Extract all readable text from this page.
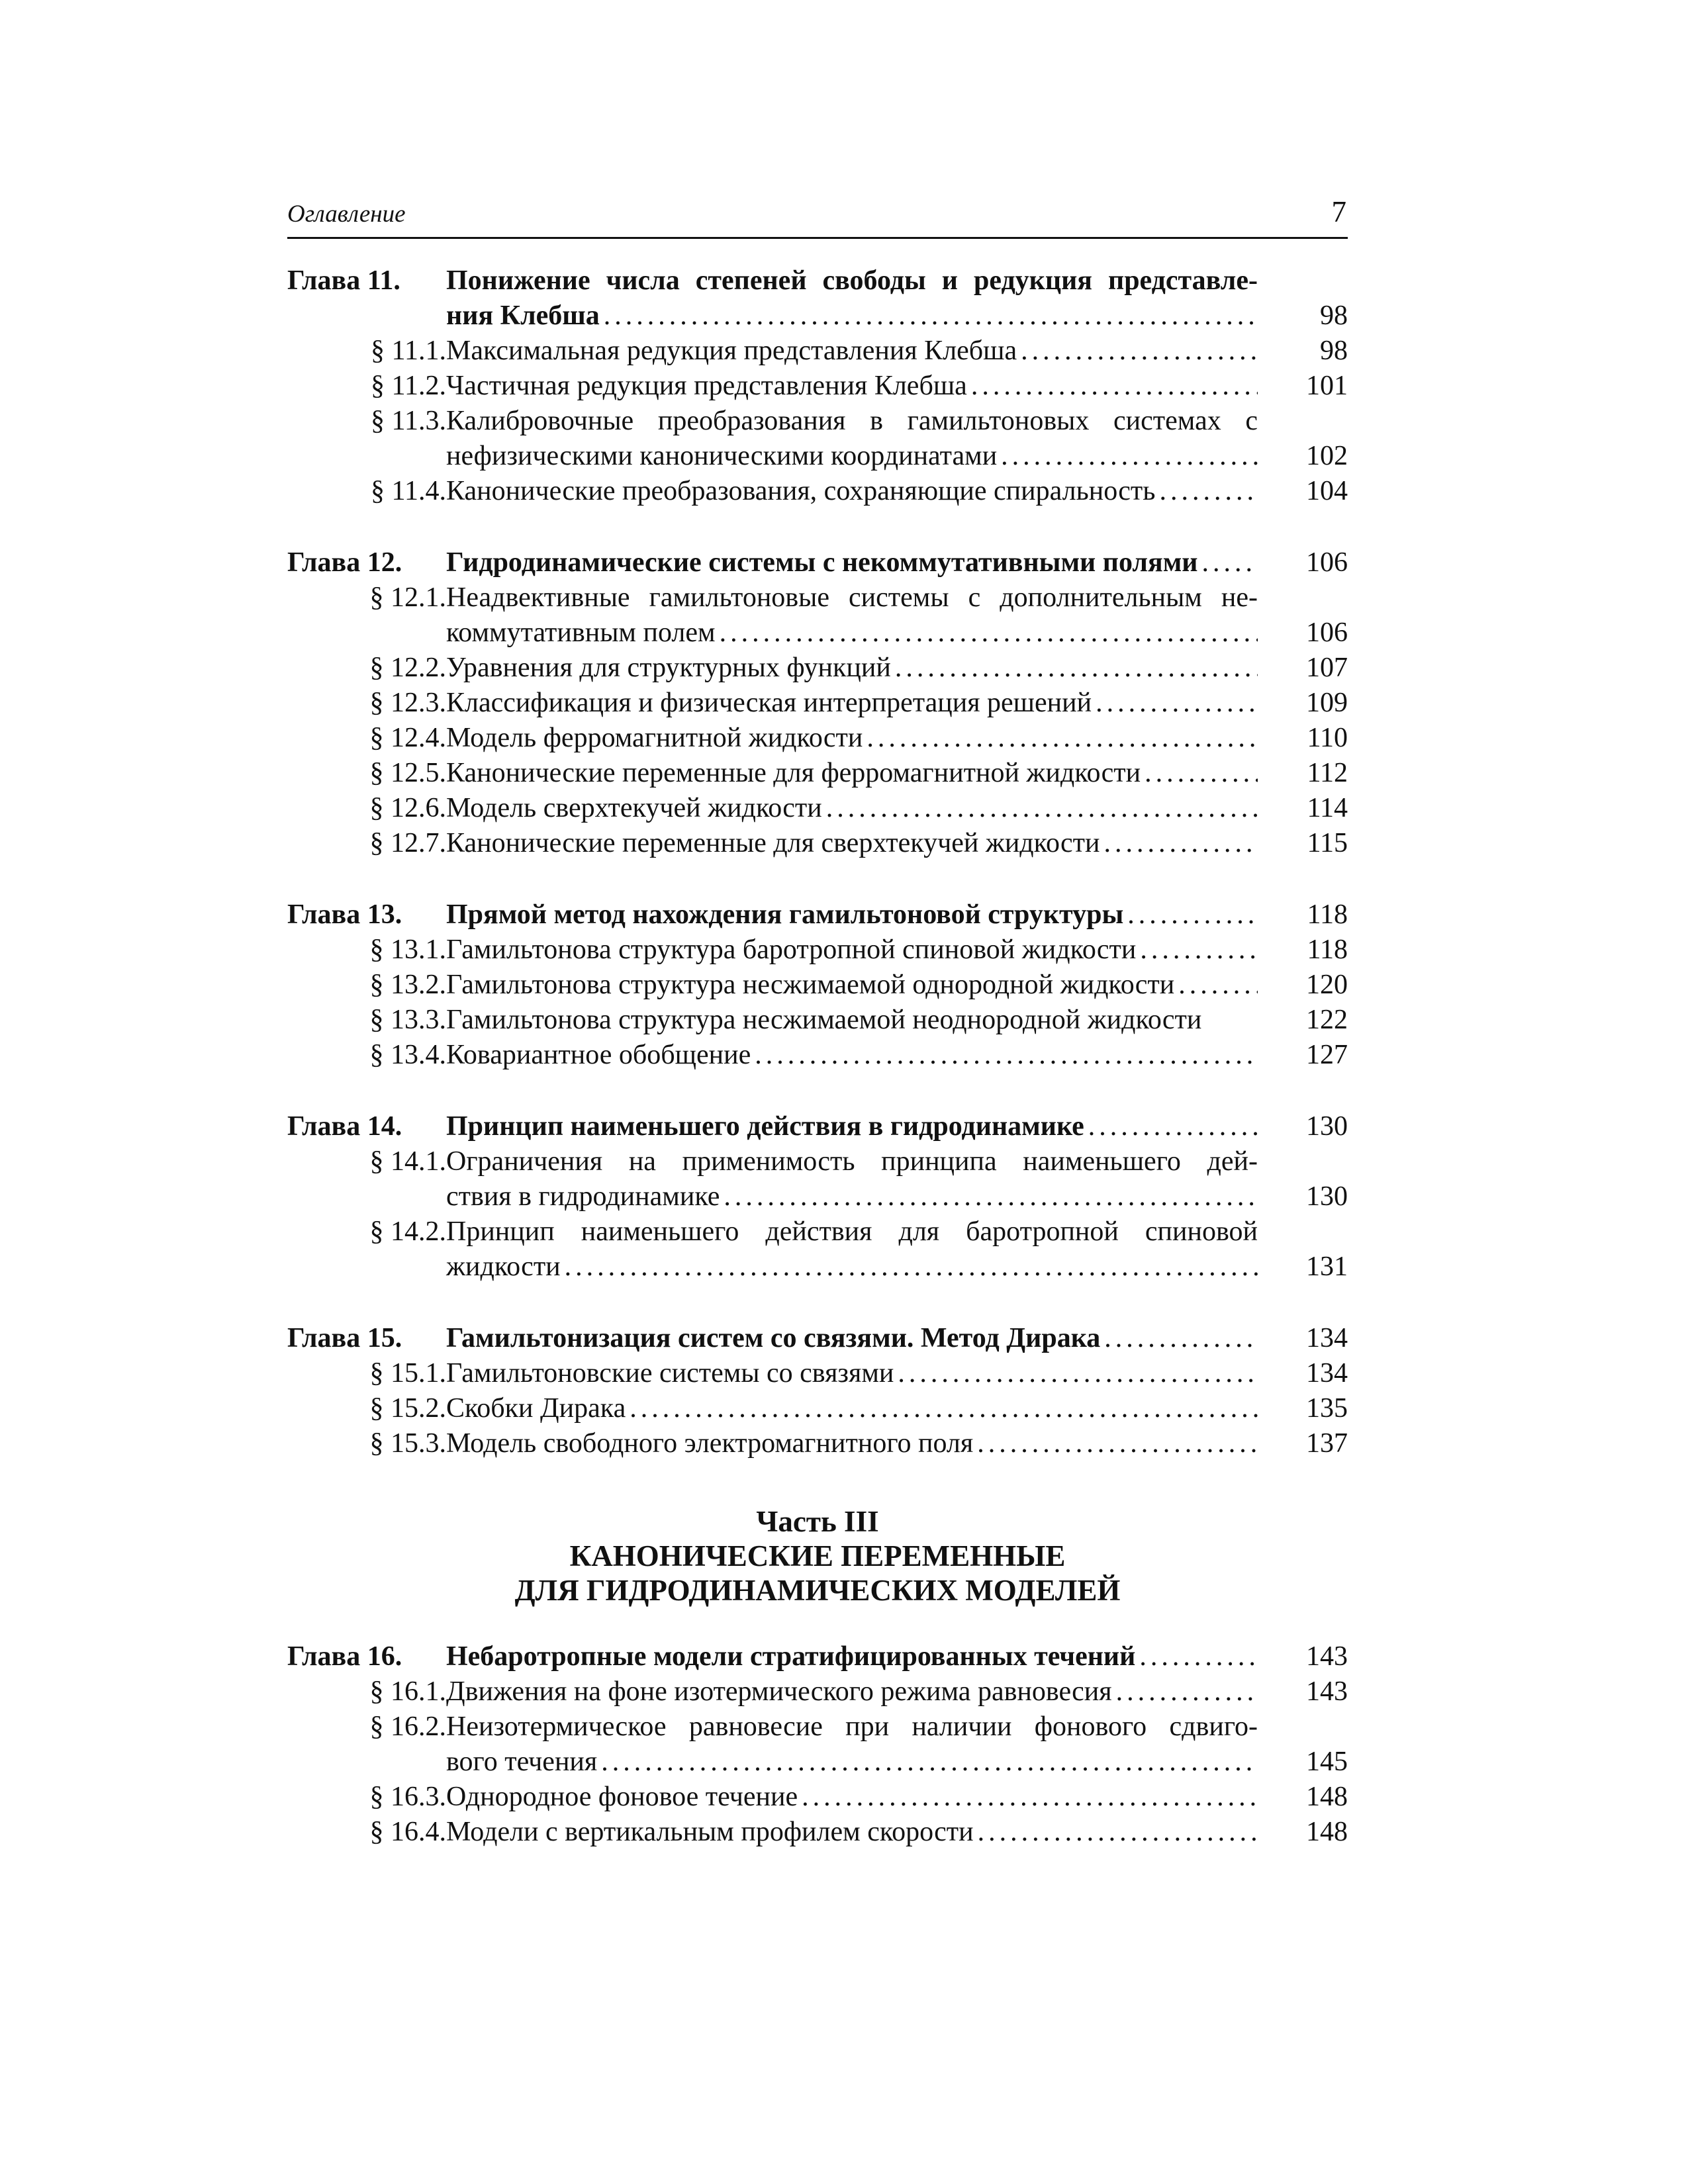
Оглавление	7
Глава 11. Понижение числа степеней свободы и редукция представле-
ния Клебша .....	98
§ 11.1. Максимальная редукция представления Клебша .....	98
§ 11.2. Частичная редукция представления Клебша .....	101
§ 11.3. Калибровочные преобразования в гамильтоновых системах с
нефизическими каноническими координатами .....	102
§ 11.4. Канонические преобразования, сохраняющие спиральность .....	104
Глава 12. Гидродинамические системы с некоммутативными полями .....	106
§ 12.1. Неадвективные гамильтоновые системы с дополнительным не-
коммутативным полем .....	106
§ 12.2. Уравнения для структурных функций .....	107
§ 12.3. Классификация и физическая интерпретация решений .....	109
§ 12.4. Модель ферромагнитной жидкости .....	110
§ 12.5. Канонические переменные для ферромагнитной жидкости .....	112
§ 12.6. Модель сверхтекучей жидкости .....	114
§ 12.7. Канонические переменные для сверхтекучей жидкости .....	115
Глава 13. Прямой метод нахождения гамильтоновой структуры .....	118
§ 13.1. Гамильтонова структура баротропной спиновой жидкости .....	118
§ 13.2. Гамильтонова структура несжимаемой однородной жидкости .....	120
§ 13.3. Гамильтонова структура несжимаемой неоднородной жидкости	122
§ 13.4. Ковариантное обобщение .....	127
Глава 14. Принцип наименьшего действия в гидродинамике .....	130
§ 14.1. Ограничения на применимость принципа наименьшего дей-
ствия в гидродинамике .....	130
§ 14.2. Принцип наименьшего действия для баротропной спиновой
жидкости .....	131
Глава 15. Гамильтонизация систем со связями. Метод Дирака .....	134
§ 15.1. Гамильтоновские системы со связями .....	134
§ 15.2. Скобки Дирака .....	135
§ 15.3. Модель свободного электромагнитного поля .....	137
Часть III
КАНОНИЧЕСКИЕ ПЕРЕМЕННЫЕ
ДЛЯ ГИДРОДИНАМИЧЕСКИХ МОДЕЛЕЙ
Глава 16. Небаротропные модели стратифицированных течений .....	143
§ 16.1. Движения на фоне изотермического режима равновесия .....	143
§ 16.2. Неизотермическое равновесие при наличии фонового сдвиго-
вого течения .....	145
§ 16.3. Однородное фоновое течение .....	148
§ 16.4. Модели с вертикальным профилем скорости .....	148
